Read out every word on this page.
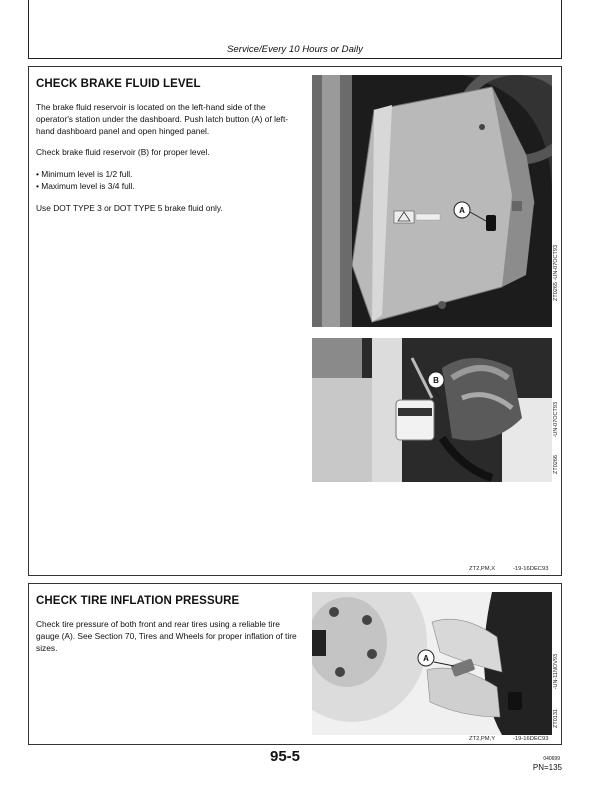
Service/Every 10 Hours or Daily
CHECK BRAKE FLUID LEVEL

The brake fluid reservoir is located on the left-hand side of the operator's station under the dashboard. Push latch button (A) of left-hand dashboard panel and open hinged panel.

Check brake fluid reservoir (B) for proper level.

• Minimum level is 1/2 full.
• Maximum level is 3/4 full.

Use DOT TYPE 3 or DOT TYPE 5 brake fluid only.	A
ZT0265
-UN-07OCT93
B
ZT0266
-UN-07OCT93
ZT2,PM,X	-19-16DEC93
CHECK TIRE INFLATION PRESSURE

Check tire pressure of both front and rear tires using a reliable tire gauge (A). See Section 70, Tires and Wheels for proper inflation of tire sizes.

A
ZT0131
-UN-11NOV93
ZT2,PM,Y	-19-16DEC93
95-5	040699
PN=135
